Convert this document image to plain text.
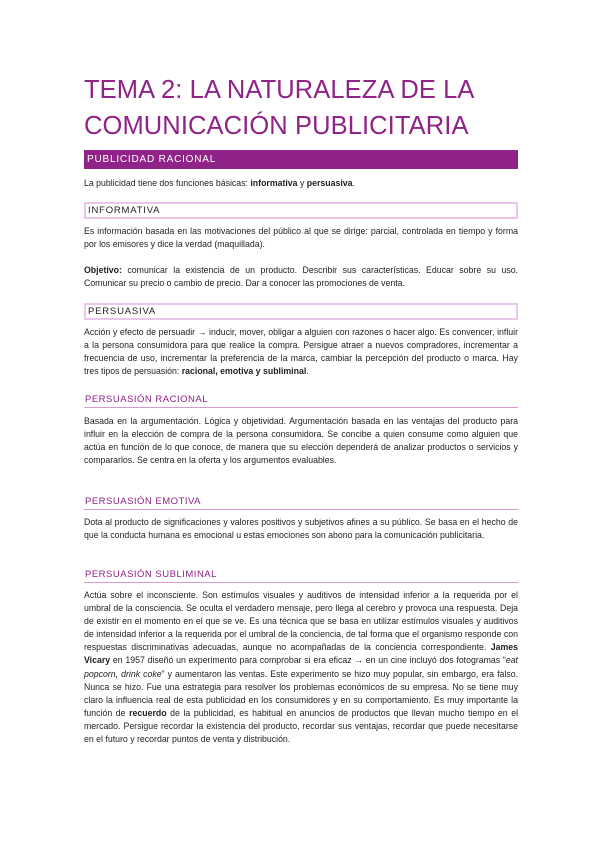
TEMA 2: LA NATURALEZA DE LA
COMUNICACIÓN PUBLICITARIA
PUBLICIDAD RACIONAL

La publicidad tiene dos funciones básicas: informativa y persuasiva.

INFORMATIVA

Es información basada en las motivaciones del público al que se dirige: parcial, controlada en tiempo y forma por los emisores y dice la verdad (maquillada).

Objetivo: comunicar la existencia de un producto. Describir sus características. Educar sobre su uso. Comunicar su precio o cambio de precio. Dar a conocer las promociones de venta.

PERSUASIVA

Acción y efecto de persuadir → inducir, mover, obligar a alguien con razones o hacer algo. Es convencer, influir a la persona consumidora para que realice la compra. Persigue atraer a nuevos compradores, incrementar a frecuencia de uso, incrementar la preferencia de la marca, cambiar la percepción del producto o marca. Hay tres tipos de persuasión: racional, emotiva y subliminal.

PERSUASIÓN RACIONAL

Basada en la argumentación. Lógica y objetividad. Argumentación basada en las ventajas del producto para influir en la elección de compra de la persona consumidora. Se concibe a quien consume como alguien que actúa en función de lo que conoce, de manera que su elección dependerá de analizar productos o servicios y compararlos. Se centra en la oferta y los argumentos evaluables.

PERSUASIÓN EMOTIVA

Dota al producto de significaciones y valores positivos y subjetivos afines a su público. Se basa en el hecho de que la conducta humana es emocional u estas emociones son abono para la comunicación publicitaria.

PERSUASIÓN SUBLIMINAL

Actúa sobre el inconsciente. Son estímulos visuales y auditivos de intensidad inferior a la requerida por el umbral de la consciencia. Se oculta el verdadero mensaje, pero llega al cerebro y provoca una respuesta. Deja de existir en el momento en el que se ve. Es una técnica que se basa en utilizar estímulos visuales y auditivos de intensidad inferior a la requerida por el umbral de la conciencia, de tal forma que el organismo responde con respuestas discriminativas adecuadas, aunque no acompañadas de la conciencia correspondiente. James Vicary en 1957 diseñó un experimento para comprobar si era eficaz → en un cine incluyó dos fotogramas “eat popcorn, drink coke” y aumentaron las ventas. Este experimento se hizo muy popular, sin embargo, era falso. Nunca se hizo. Fue una estrategia para resolver los problemas económicos de su empresa. No se tiene muy claro la influencia real de esta publicidad en los consumidores y en su comportamiento. Es muy importante la función de recuerdo de la publicidad, es habitual en anuncios de productos que llevan mucho tiempo en el mercado. Persigue recordar la existencia del producto, recordar sus ventajas, recordar que puede necesitarse en el futuro y recordar puntos de venta y distribución.
